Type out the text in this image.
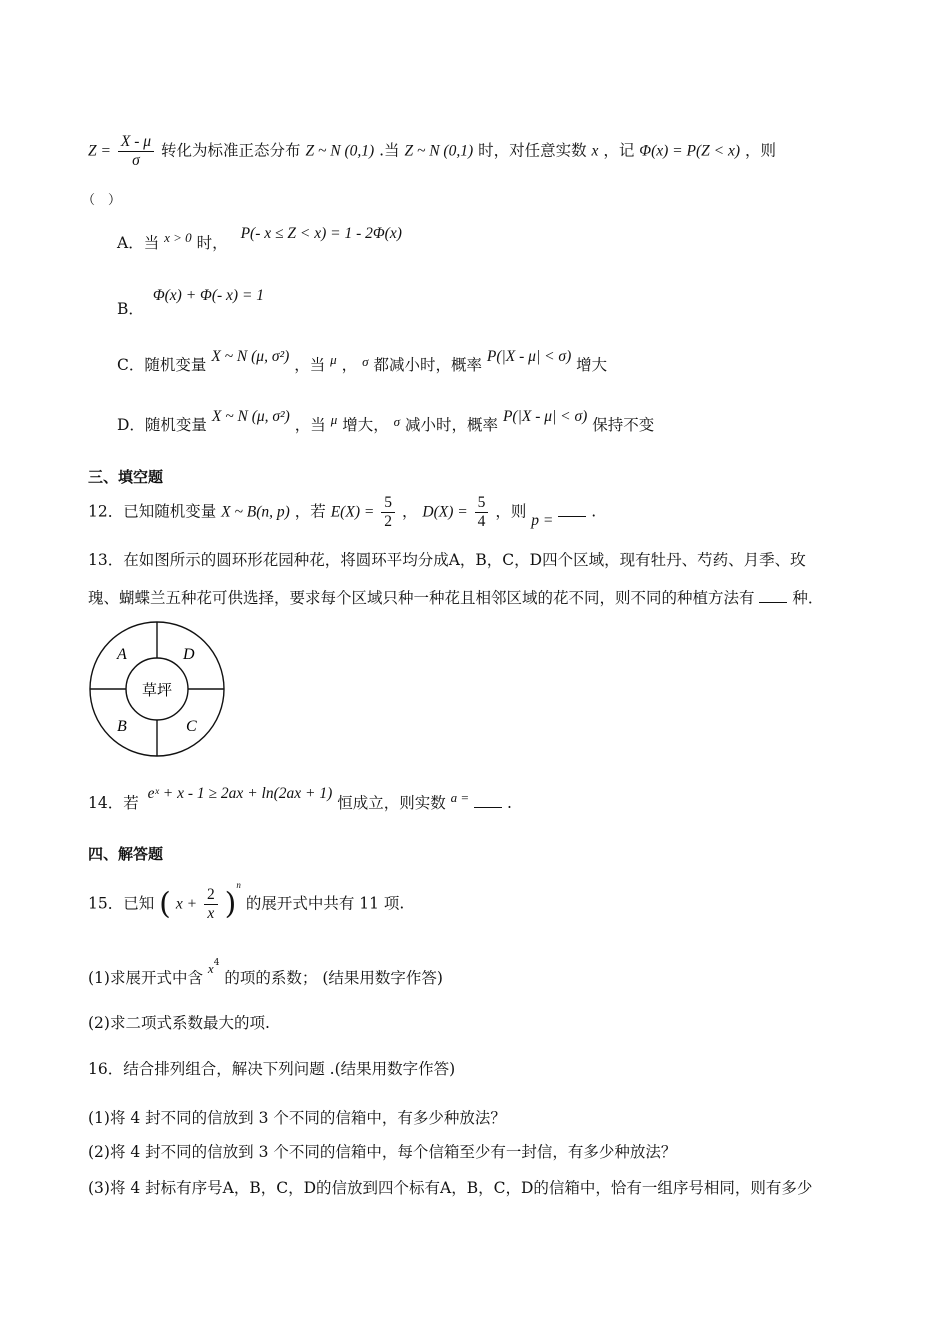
$Z = \frac{X - \mu}{\sigma}$ 转化为标准正态分布 Z ~ N (0,1) .当 Z ~ N (0,1) 时，对任意实数 x ，记 Φ(x) = P(Z < x) ，则
（　）
A．当 $^{x > 0}$ 时， P(- x ≤ Z < x) = 1 - 2Φ(x)
B． Φ(x) + Φ(- x) = 1
C．随机变量 X ~ N (μ, σ²) ，当 $^\mu$ ， $^\sigma$ 都减小时，概率 P(|X - μ| < σ) 增大
D．随机变量 X ~ N (μ, σ²) ，当 $^\mu$ 增大， $^\sigma$ 减小时，概率 P(|X - μ| < σ) 保持不变
三、填空题
12．已知随机变量 X ~ B(n, p) ，若 $E(X) = \frac{5}{2}$ ， $D(X) = \frac{5}{4}$ ，则 p = .
13．在如图所示的圆环形花园种花，将圆环平均分成A，B，C，D四个区域，现有牡丹、芍药、月季、玫
瑰、蝴蝶兰五种花可供选择，要求每个区域只种一种花且相邻区域的花不同，则不同的种植方法有 种．
A	D
B	C
草坪
14．若 eˣ + x - 1 ≥ 2ax + ln(2ax + 1) 恒成立，则实数 $^{a =}$ .
四、解答题
15．已知 ( $x + \frac{2}{x} )^n$ 的展开式中共有 11 项.
(1)求展开式中含 $^{x4}$ 的项的系数； (结果用数字作答)
(2)求二项式系数最大的项.
16．结合排列组合，解决下列问题 .(结果用数字作答)
(1)将 4 封不同的信放到 3 个不同的信箱中，有多少种放法？
(2)将 4 封不同的信放到 3 个不同的信箱中，每个信箱至少有一封信，有多少种放法？
(3)将 4 封标有序号A，B，C，D的信放到四个标有A，B，C，D的信箱中，恰有一组序号相同，则有多少
